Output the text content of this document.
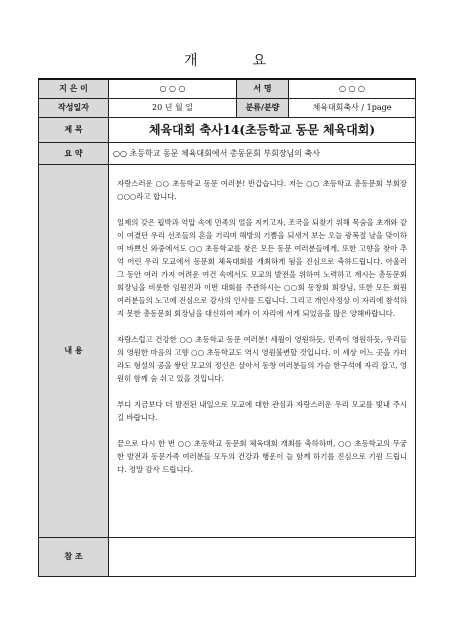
개	요
지 은 이	○ ○ ○	서 명	○ ○ ○
작성일자	20 년 월 일	분류/분량	체육대회축사 / 1page
제 목	체육대회 축사14(초등학교 동문 체육대회)		
요 약	○○ 초등학교 동문 체육대회에서 총동문회 부회장님의 축사		
내 용	자랑스러운 ○○ 초등학교 동문 여러분! 반갑습니다. 저는 ○○ 초등학교 총동문회 부회장 ○○○라고 합니다.

일제의 갖은 핍박과 억압 속에 민족의 얼을 지키고자, 조국을 되찾기 위해 목숨을 초개와 같이 여겼던 우리 선조들의 혼을 기리며 해방의 기쁨을 되새겨 보는 오늘 광복절 날을 맞이하여 바쁘신 와중에서도 ○○ 초등학교를 찾은 모든 동문 여러분들에게, 또한 고향을 찾아 추억 어린 우리 모교에서 동문회 체육대회를 개최하게 됨을 진심으로 축하드립니다. 아울러 그 동안 여러 가지 어려운 여건 속에서도 모교의 발전을 위하여 노력하고 계시는 총동문회 회장님을 비롯한 임원진과 이번 대회를 주관하시는 ○○회 동창회 회장님, 또한 모든 회원 여러분들의 노고에 진심으로 감사의 인사를 드립니다. 그리고 개인사정상 이 자리에 참석하지 못한 총동문회 회장님을 대신하여 제가 이 자리에 서게 되었음을 많은 양해바랍니다.

자랑스럽고 건강한 ○○ 초등학교 동문 여러분! 세월이 영원하듯, 민족이 영원하듯, 우리들의 영원한 마음의 고향 ○○ 초등학교도 역시 영원불변할 것입니다. 이 세상 어느 곳을 가더라도 형설의 공을 쌓던 모교의 정신은 살아서 동창 여러분들의 가슴 한구석에 자리 잡고, 영원히 함께 숨 쉬고 있을 것입니다.

부디 지금보다 더 발전된 내일으로 모교에 대한 관심과 자랑스러운 우리 모교를 빛내 주시길 바랍니다.

끝으로 다시 한 번 ○○ 초등학교 동문회 체육대회 개최를 축하하며, ○○ 초등학교의 무궁한 발전과 동문가족 여러분들 모두의 건강과 행운이 늘 함께 하기를 진심으로 기원 드립니다. 정말 감사 드립니다.		

참 조			
